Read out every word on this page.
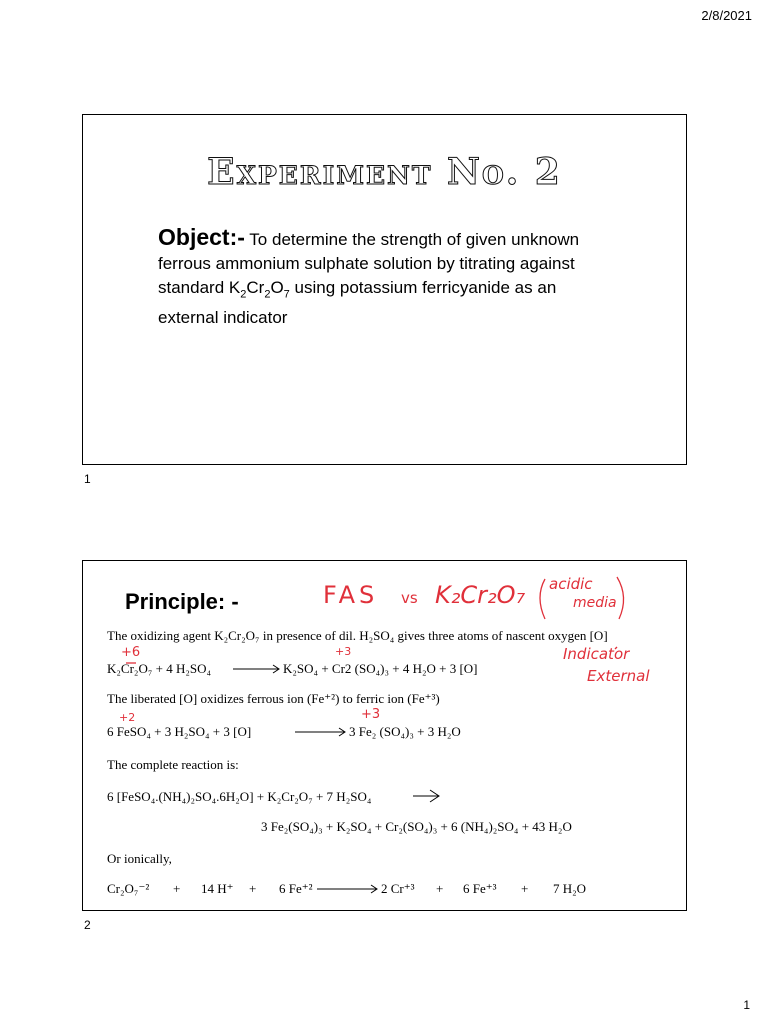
2/8/2021
Experiment No. 2
Object:- To determine the strength of given unknown ferrous ammonium sulphate solution by titrating against standard $K_2Cr_2O_7$ using potassium ferricyanide as an external indicator
1
Principle: -
The oxidizing agent K₂Cr₂O₇ in presence of dil. H₂SO₄ gives three atoms of nascent oxygen [O]
K₂Cr₂O₇ + 4 H₂SO₄	K₂SO₄ + Cr2 (SO₄)₃ + 4 H₂O + 3 [O]
The liberated [O] oxidizes ferrous ion (Fe⁺²) to ferric ion (Fe⁺³)
6 FeSO₄ + 3 H₂SO₄ + 3 [O]	3 Fe₂ (SO₄)₃ + 3 H₂O
The complete reaction is:
6 [FeSO₄.(NH₄)₂SO₄.6H₂O] + K₂Cr₂O₇ + 7 H₂SO₄
3 Fe₂(SO₄)₃ + K₂SO₄ + Cr₂(SO₄)₃ + 6 (NH₄)₂SO₄ + 43 H₂O
Or ionically,
Cr₂O₇⁻² + 14 H⁺ + 6 Fe⁺²	2 Cr⁺³ + 6 Fe⁺³ + 7 H₂O
FAS vs K₂Cr₂O₇ acidic
media
Indicator
External
+6	+3
+2	+3
2
1
